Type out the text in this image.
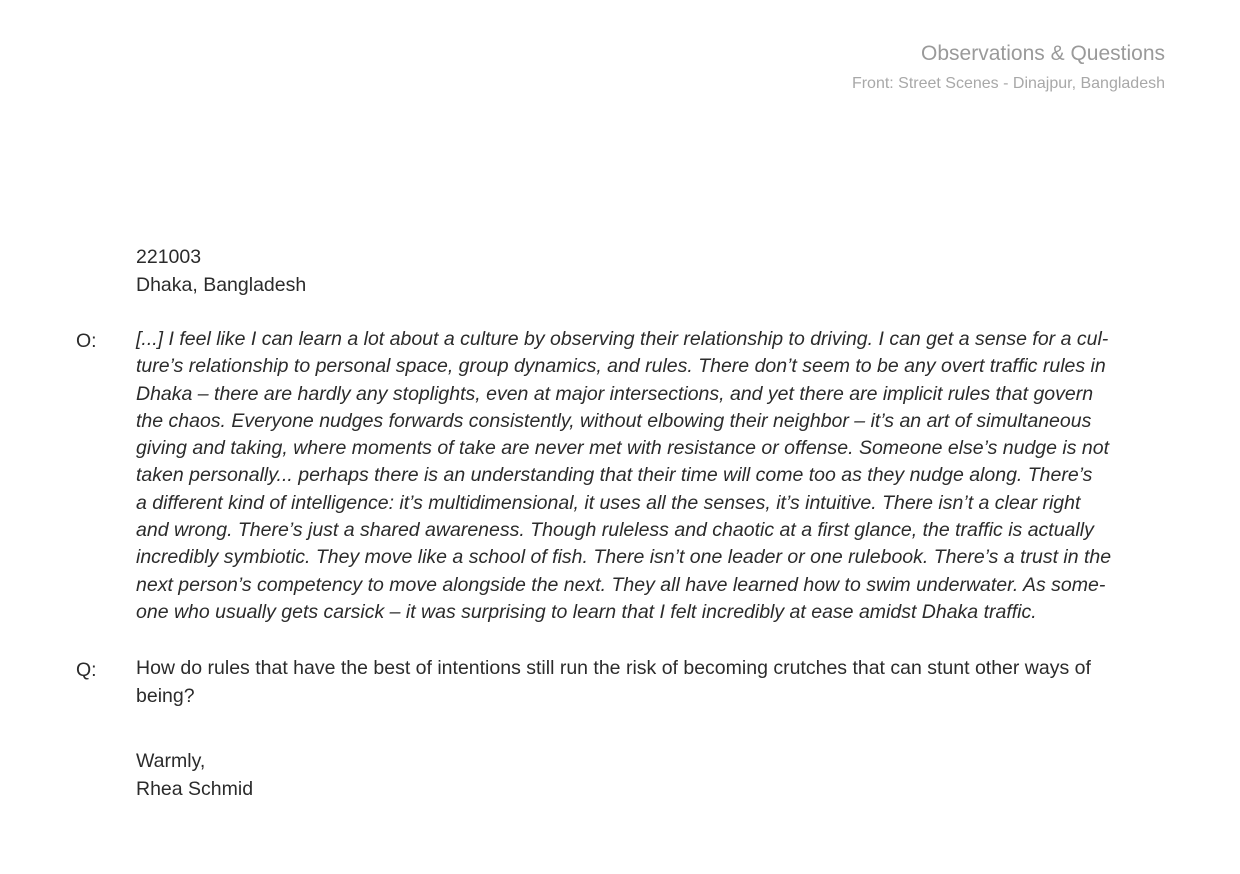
Observations & Questions
Front: Street Scenes - Dinajpur, Bangladesh
221003
Dhaka, Bangladesh
O: [...] I feel like I can learn a lot about a culture by observing their relationship to driving. I can get a sense for a cul-
ture’s relationship to personal space, group dynamics, and rules. There don’t seem to be any overt traffic rules in
Dhaka – there are hardly any stoplights, even at major intersections, and yet there are implicit rules that govern
the chaos. Everyone nudges forwards consistently, without elbowing their neighbor – it’s an art of simultaneous
giving and taking, where moments of take are never met with resistance or offense. Someone else’s nudge is not
taken personally... perhaps there is an understanding that their time will come too as they nudge along. There’s
a different kind of intelligence: it’s multidimensional, it uses all the senses, it’s intuitive. There isn’t a clear right
and wrong. There’s just a shared awareness. Though ruleless and chaotic at a first glance, the traffic is actually
incredibly symbiotic. They move like a school of fish. There isn’t one leader or one rulebook. There’s a trust in the
next person’s competency to move alongside the next. They all have learned how to swim underwater. As some-
one who usually gets carsick – it was surprising to learn that I felt incredibly at ease amidst Dhaka traffic.
Q: How do rules that have the best of intentions still run the risk of becoming crutches that can stunt other ways of
being?
Warmly,
Rhea Schmid
